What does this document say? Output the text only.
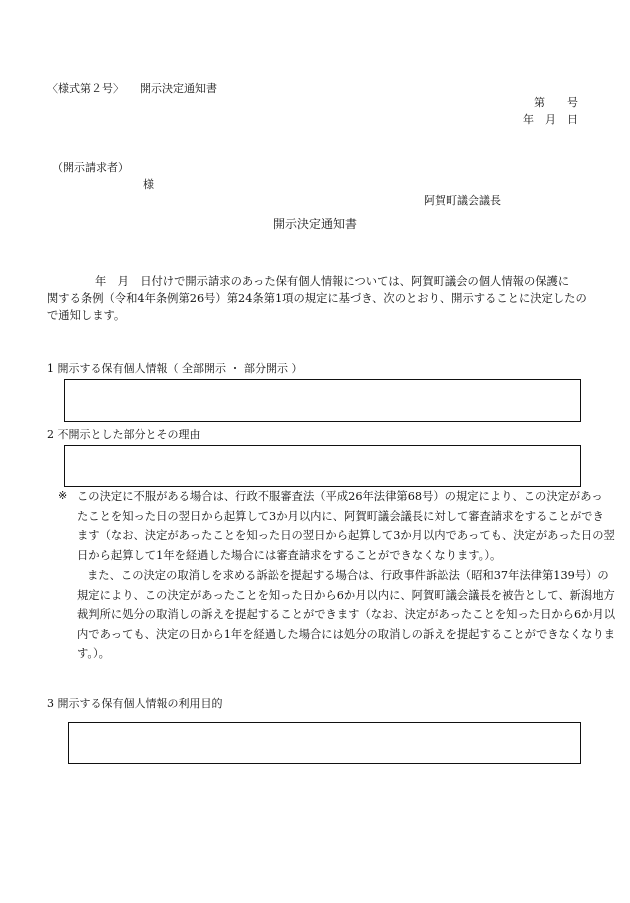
〈様式第２号〉 開示決定通知書
第　　号
年　月　日
（開示請求者）
様
阿賀町議会議長
開示決定通知書
年　月　日付けで開示請求のあった保有個人情報については、阿賀町議会の個人情報の保護に
関する条例（令和4年条例第26号）第24条第1項の規定に基づき、次のとおり、開示することに決定したの
で通知します。
1 開示する保有個人情報（ 全部開示 ・ 部分開示 ）
2 不開示とした部分とその理由
※ この決定に不服がある場合は、行政不服審査法（平成26年法律第68号）の規定により、この決定があっ
たことを知った日の翌日から起算して3か月以内に、阿賀町議会議長に対して審査請求をすることができ
ます（なお、決定があったことを知った日の翌日から起算して3か月以内であっても、決定があった日の翌
日から起算して1年を経過した場合には審査請求をすることができなくなります。）。
また、この決定の取消しを求める訴訟を提起する場合は、行政事件訴訟法（昭和37年法律第139号）の
規定により、この決定があったことを知った日から6か月以内に、阿賀町議会議長を被告として、新潟地方
裁判所に処分の取消しの訴えを提起することができます（なお、決定があったことを知った日から6か月以
内であっても、決定の日から1年を経過した場合には処分の取消しの訴えを提起することができなくなりま
す。）。
3 開示する保有個人情報の利用目的
